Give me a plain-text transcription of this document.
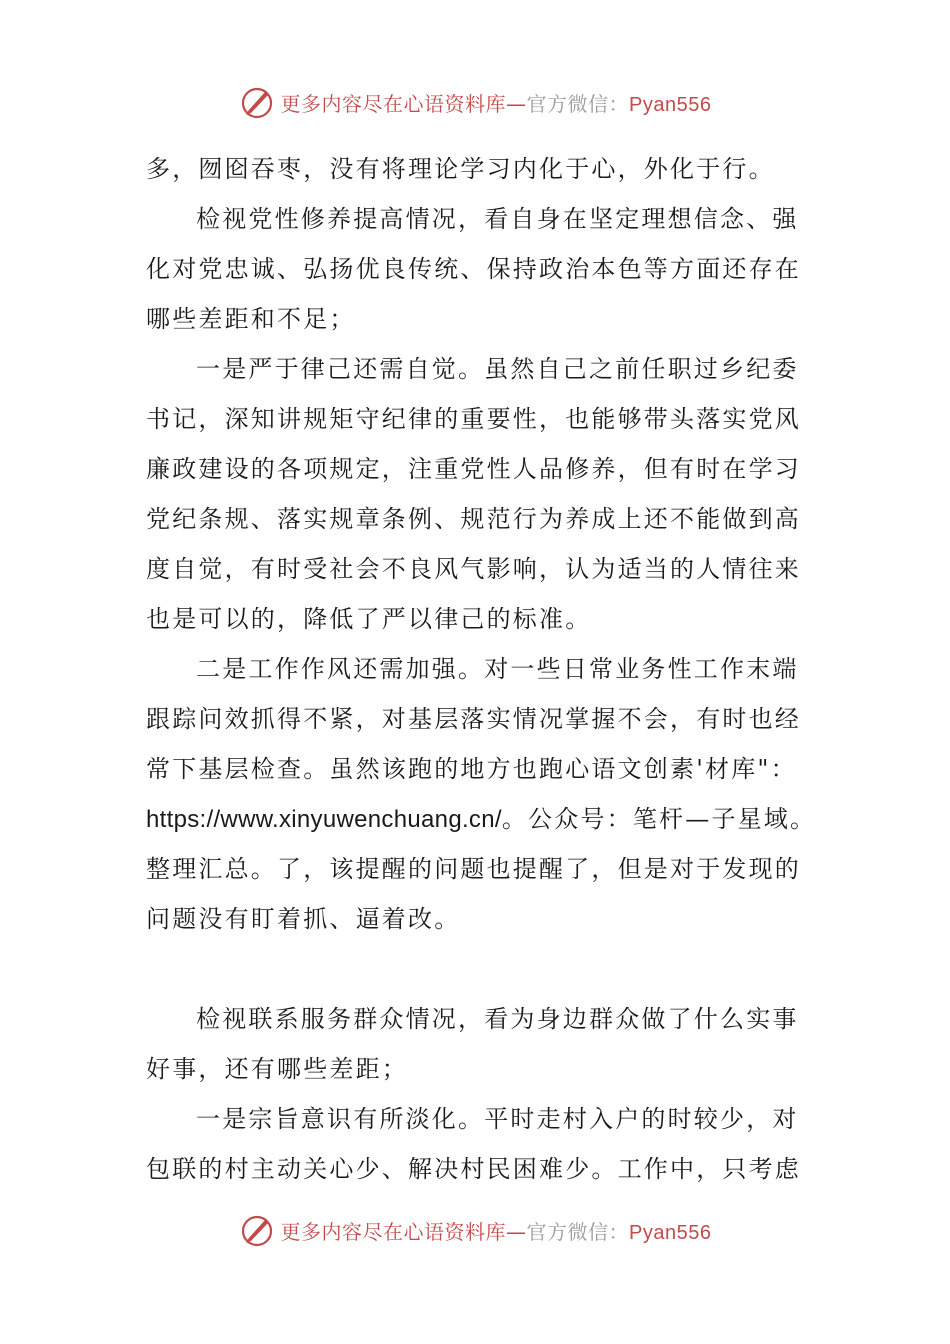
更多内容尽在心语资料库—官方微信：Pyan556
多，囫囵吞枣，没有将理论学习内化于心，外化于行。
检视党性修养提高情况，看自身在坚定理想信念、强
化对党忠诚、弘扬优良传统、保持政治本色等方面还存在
哪些差距和不足；
一是严于律己还需自觉。虽然自己之前任职过乡纪委
书记，深知讲规矩守纪律的重要性，也能够带头落实党风
廉政建设的各项规定，注重党性人品修养，但有时在学习
党纪条规、落实规章条例、规范行为养成上还不能做到高
度自觉，有时受社会不良风气影响，认为适当的人情往来
也是可以的，降低了严以律己的标准。
二是工作作风还需加强。对一些日常业务性工作末端
跟踪问效抓得不紧，对基层落实情况掌握不会，有时也经
常下基层检查。虽然该跑的地方也跑心语文创素'材库"：
https://www.xinyuwenchuang.cn/。公众号：笔杆—子星域。
整理汇总。了，该提醒的问题也提醒了，但是对于发现的
问题没有盯着抓、逼着改。
检视联系服务群众情况，看为身边群众做了什么实事
好事，还有哪些差距；
一是宗旨意识有所淡化。平时走村入户的时较少，对
包联的村主动关心少、解决村民困难少。工作中，只考虑
更多内容尽在心语资料库—官方微信：Pyan556
